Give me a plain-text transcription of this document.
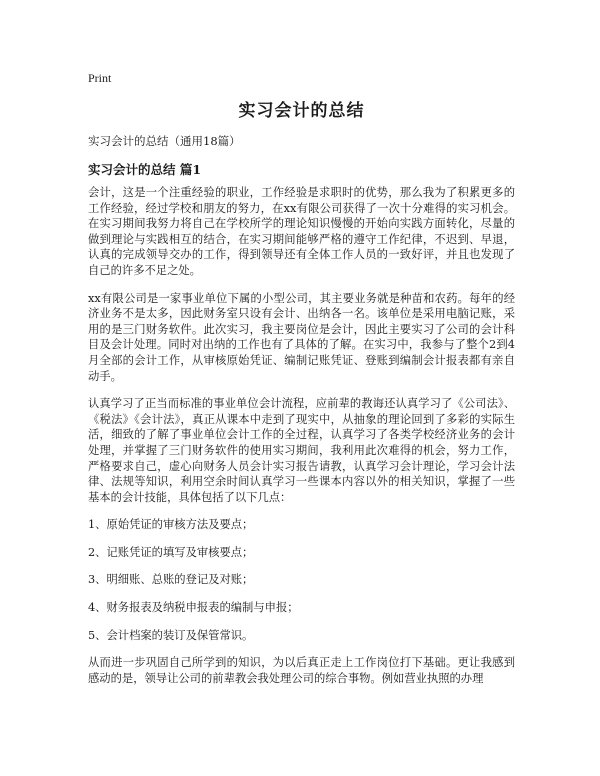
Print
实习会计的总结

实习会计的总结（通用18篇）

实习会计的总结 篇1

会计，这是一个注重经验的职业，工作经验是求职时的优势，那么我为了积累更多的工作经验，经过学校和朋友的努力，在xx有限公司获得了一次十分难得的实习机会。在实习期间我努力将自己在学校所学的理论知识慢慢的开始向实践方面转化，尽量的做到理论与实践相互的结合，在实习期间能够严格的遵守工作纪律，不迟到、早退，认真的完成领导交办的工作，得到领导还有全体工作人员的一致好评，并且也发现了自己的许多不足之处。

xx有限公司是一家事业单位下属的小型公司，其主要业务就是种苗和农药。每年的经济业务不是太多，因此财务室只设有会计、出纳各一名。该单位是采用电脑记账，采用的是三门财务软件。此次实习，我主要岗位是会计，因此主要实习了公司的会计科目及会计处理。同时对出纳的工作也有了具体的了解。在实习中，我参与了整个2到4月全部的会计工作，从审核原始凭证、编制记账凭证、登账到编制会计报表都有亲自动手。

认真学习了正当而标准的事业单位会计流程，应前辈的教诲还认真学习了《公司法》、《税法》《会计法》，真正从课本中走到了现实中，从抽象的理论回到了多彩的实际生活，细致的了解了事业单位会计工作的全过程，认真学习了各类学校经济业务的会计处理，并掌握了三门财务软件的使用实习期间，我利用此次难得的机会，努力工作，严格要求自己，虚心向财务人员会计实习报告请教，认真学习会计理论，学习会计法律、法规等知识，利用空余时间认真学习一些课本内容以外的相关知识，掌握了一些基本的会计技能，具体包括了以下几点：

1、原始凭证的审核方法及要点；

2、记账凭证的填写及审核要点；

3、明细账、总账的登记及对账；

4、财务报表及纳税申报表的编制与申报；

5、会计档案的装订及保管常识。

从而进一步巩固自己所学到的知识，为以后真正走上工作岗位打下基础。更让我感到感动的是，领导让公司的前辈教会我处理公司的综合事物。例如营业执照的办理
